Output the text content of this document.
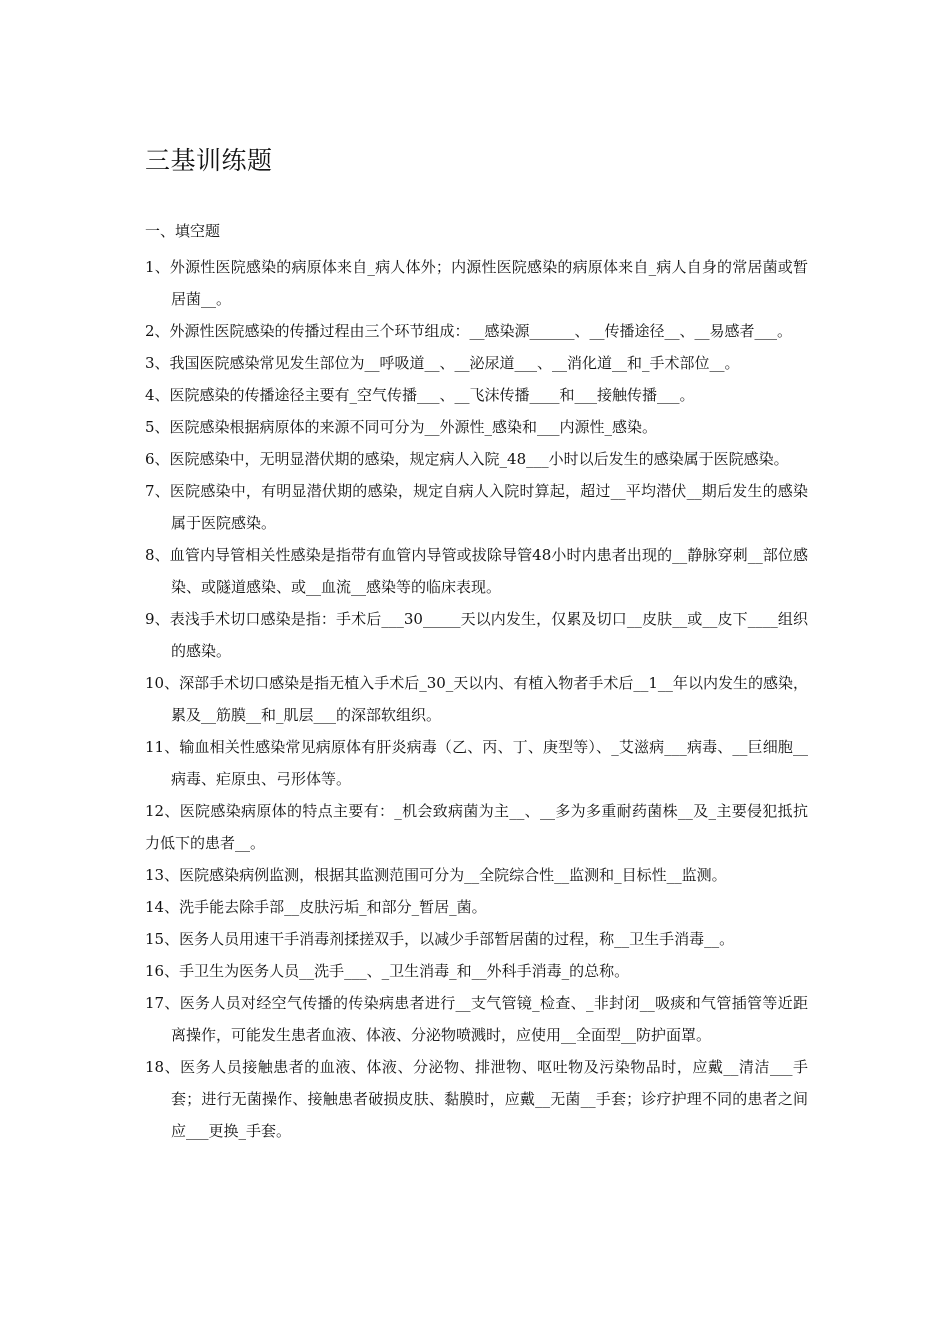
三基训练题

一、填空题

1、外源性医院感染的病原体来自_病人体外；内源性医院感染的病原体来自_病人自身的常居菌或暂居菌__。

2、外源性医院感染的传播过程由三个环节组成：__感染源______、__传播途径__、__易感者___。

3、我国医院感染常见发生部位为__呼吸道__、__泌尿道___、__消化道__和_手术部位__。

4、医院感染的传播途径主要有_空气传播___、__飞沫传播____和___接触传播___。

5、医院感染根据病原体的来源不同可分为__外源性_感染和___内源性_感染。

6、医院感染中，无明显潜伏期的感染，规定病人入院_48___小时以后发生的感染属于医院感染。

7、医院感染中，有明显潜伏期的感染，规定自病人入院时算起，超过__平均潜伏__期后发生的感染属于医院感染。

8、血管内导管相关性感染是指带有血管内导管或拔除导管48小时内患者出现的__静脉穿刺__部位感染、或隧道感染、或__血流__感染等的临床表现。

9、表浅手术切口感染是指：手术后___30_____天以内发生，仅累及切口__皮肤__或__皮下____组织的感染。

10、深部手术切口感染是指无植入手术后_30_天以内、有植入物者手术后__1__年以内发生的感染，累及__筋膜__和_肌层___的深部软组织。

11、输血相关性感染常见病原体有肝炎病毒（乙、丙、丁、庚型等）、_艾滋病___病毒、__巨细胞__病毒、疟原虫、弓形体等。

12、医院感染病原体的特点主要有：_机会致病菌为主__、__多为多重耐药菌株__及_主要侵犯抵抗力低下的患者__。

13、医院感染病例监测，根据其监测范围可分为__全院综合性__监测和_目标性__监测。

14、洗手能去除手部__皮肤污垢_和部分_暂居_菌。

15、医务人员用速干手消毒剂揉搓双手，以减少手部暂居菌的过程，称__卫生手消毒__。

16、手卫生为医务人员__洗手___、_卫生消毒_和__外科手消毒_的总称。

17、医务人员对经空气传播的传染病患者进行__支气管镜_检查、_非封闭__吸痰和气管插管等近距离操作，可能发生患者血液、体液、分泌物喷溅时，应使用__全面型__防护面罩。

18、医务人员接触患者的血液、体液、分泌物、排泄物、呕吐物及污染物品时，应戴__清洁___手套；进行无菌操作、接触患者破损皮肤、黏膜时，应戴__无菌__手套；诊疗护理不同的患者之间应___更换_手套。
